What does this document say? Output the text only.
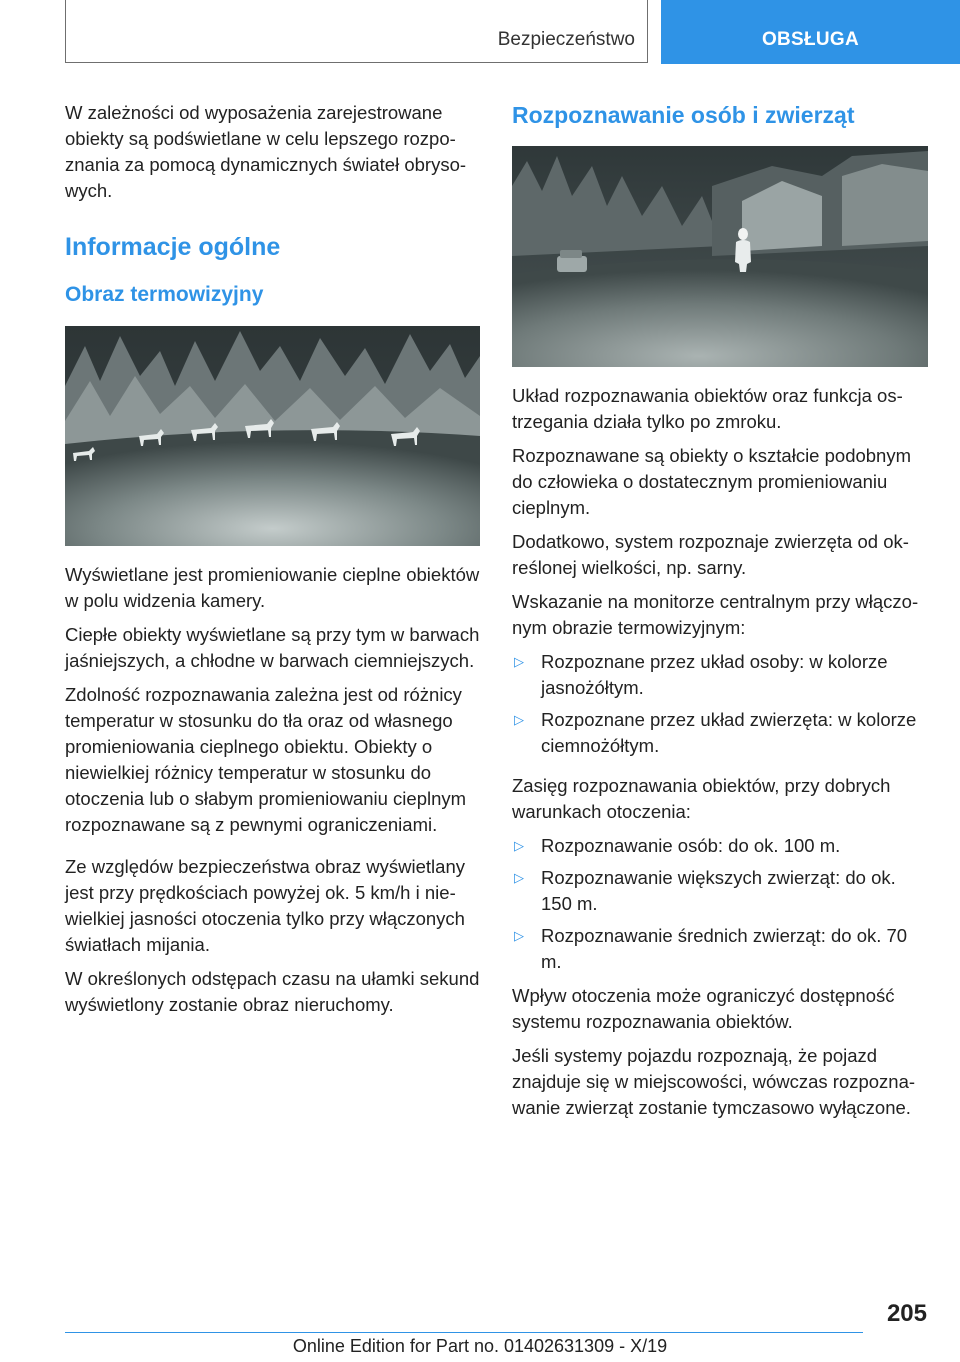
Bezpieczeństwo	OBSŁUGA

W zależności od wyposażenia zarejestrowane obiekty są podświetlane w celu lepszego rozpoznania za pomocą dynamicznych świateł obrysowych.

Informacje ogólne
Obraz termowizyjny

Wyświetlane jest promieniowanie cieplne obiektów w polu widzenia kamery.

Ciepłe obiekty wyświetlane są przy tym w barwach jaśniejszych, a chłodne w barwach ciemniejszych.

Zdolność rozpoznawania zależna jest od różnicy temperatur w stosunku do tła oraz od własnego promieniowania cieplnego obiektu. Obiekty o niewielkiej różnicy temperatur w stosunku do otoczenia lub o słabym promieniowaniu cieplnym rozpoznawane są z pewnymi ograniczeniami.

Ze względów bezpieczeństwa obraz wyświetlany jest przy prędkościach powyżej ok. 5 km/h i niewielkiej jasności otoczenia tylko przy włączonych światłach mijania.

W określonych odstępach czasu na ułamki sekund wyświetlony zostanie obraz nieruchomy.

Rozpoznawanie osób i zwierząt

Układ rozpoznawania obiektów oraz funkcja ostrzegania działa tylko po zmroku.

Rozpoznawane są obiekty o kształcie podobnym do człowieka o dostatecznym promieniowaniu cieplnym.

Dodatkowo, system rozpoznaje zwierzęta od określonej wielkości, np. sarny.

Wskazanie na monitorze centralnym przy włączonym obrazie termowizyjnym:

▷ Rozpoznane przez układ osoby: w kolorze jasnożółtym.
▷ Rozpoznane przez układ zwierzęta: w kolorze ciemnożółtym.

Zasięg rozpoznawania obiektów, przy dobrych warunkach otoczenia:

▷ Rozpoznawanie osób: do ok. 100 m.
▷ Rozpoznawanie większych zwierząt: do ok. 150 m.
▷ Rozpoznawanie średnich zwierząt: do ok. 70 m.

Wpływ otoczenia może ograniczyć dostępność systemu rozpoznawania obiektów.

Jeśli systemy pojazdu rozpoznają, że pojazd znajduje się w miejscowości, wówczas rozpoznawanie zwierząt zostanie tymczasowo wyłączone.

205
Online Edition for Part no. 01402631309 - X/19
